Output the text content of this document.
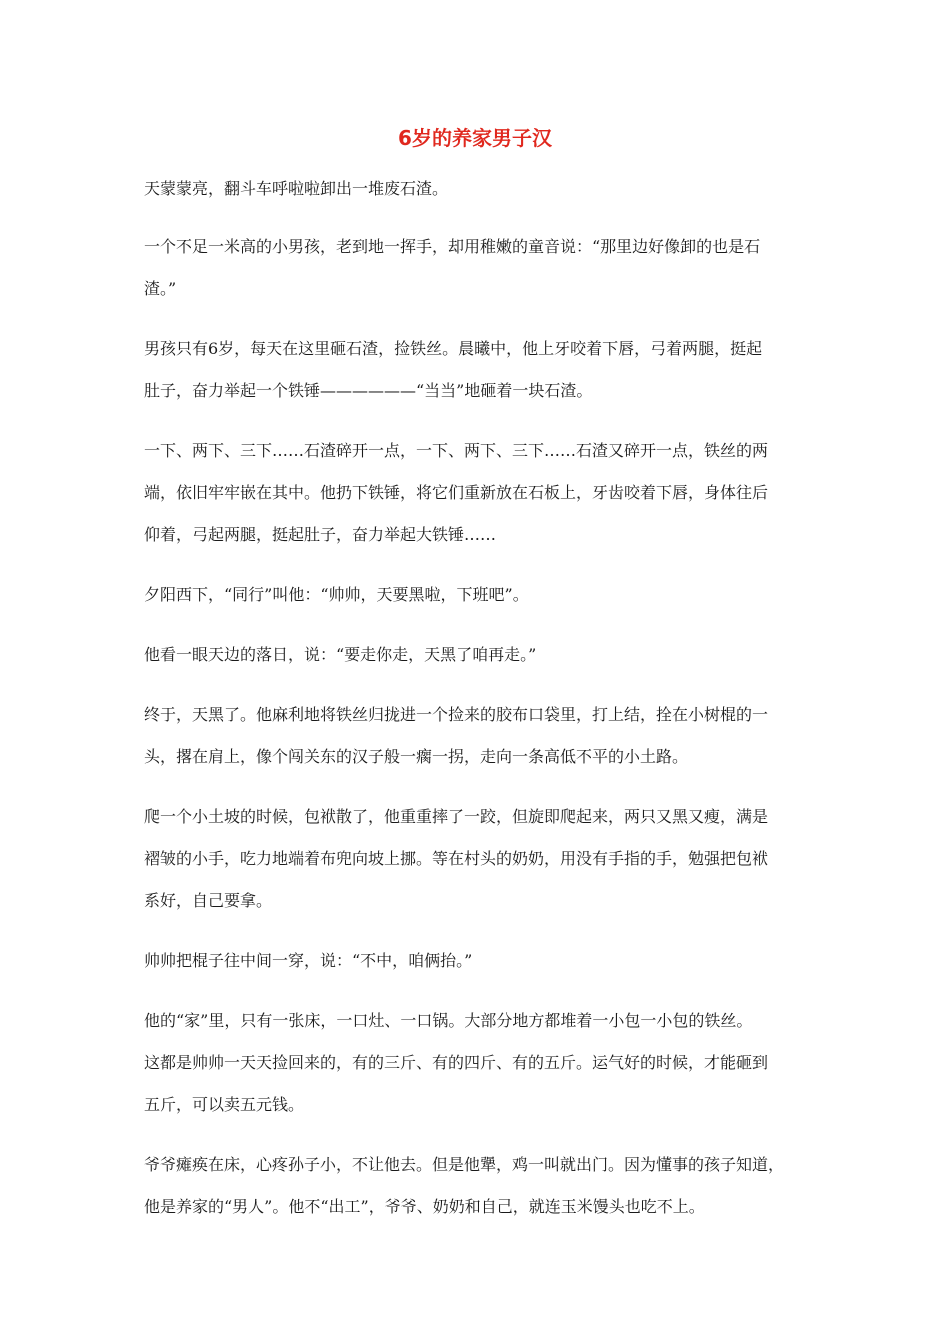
6岁的养家男子汉

天蒙蒙亮，翻斗车呼啦啦卸出一堆废石渣。

一个不足一米高的小男孩，老到地一挥手，却用稚嫩的童音说：“那里边好像卸的也是石
渣。”

男孩只有6岁，每天在这里砸石渣，捡铁丝。晨曦中，他上牙咬着下唇，弓着两腿，挺起
肚子，奋力举起一个铁锤——————“当当”地砸着一块石渣。

一下、两下、三下……石渣碎开一点，一下、两下、三下……石渣又碎开一点，铁丝的两
端，依旧牢牢嵌在其中。他扔下铁锤，将它们重新放在石板上，牙齿咬着下唇，身体往后
仰着，弓起两腿，挺起肚子，奋力举起大铁锤……

夕阳西下，“同行”叫他：“帅帅，天要黑啦，下班吧”。

他看一眼天边的落日，说：“要走你走，天黑了咱再走。”

终于，天黑了。他麻利地将铁丝归拢进一个捡来的胶布口袋里，打上结，拴在小树棍的一
头，撂在肩上，像个闯关东的汉子般一瘸一拐，走向一条高低不平的小土路。

爬一个小土坡的时候，包袱散了，他重重摔了一跤，但旋即爬起来，两只又黑又瘦，满是
褶皱的小手，吃力地端着布兜向坡上挪。等在村头的奶奶，用没有手指的手，勉强把包袱
系好，自己要拿。

帅帅把棍子往中间一穿，说：“不中，咱俩抬。”

他的“家”里，只有一张床，一口灶、一口锅。大部分地方都堆着一小包一小包的铁丝。
这都是帅帅一天天捡回来的，有的三斤、有的四斤、有的五斤。运气好的时候，才能砸到
五斤，可以卖五元钱。

爷爷瘫痪在床，心疼孙子小，不让他去。但是他犟，鸡一叫就出门。因为懂事的孩子知道，
他是养家的“男人”。他不“出工”，爷爷、奶奶和自己，就连玉米馒头也吃不上。
